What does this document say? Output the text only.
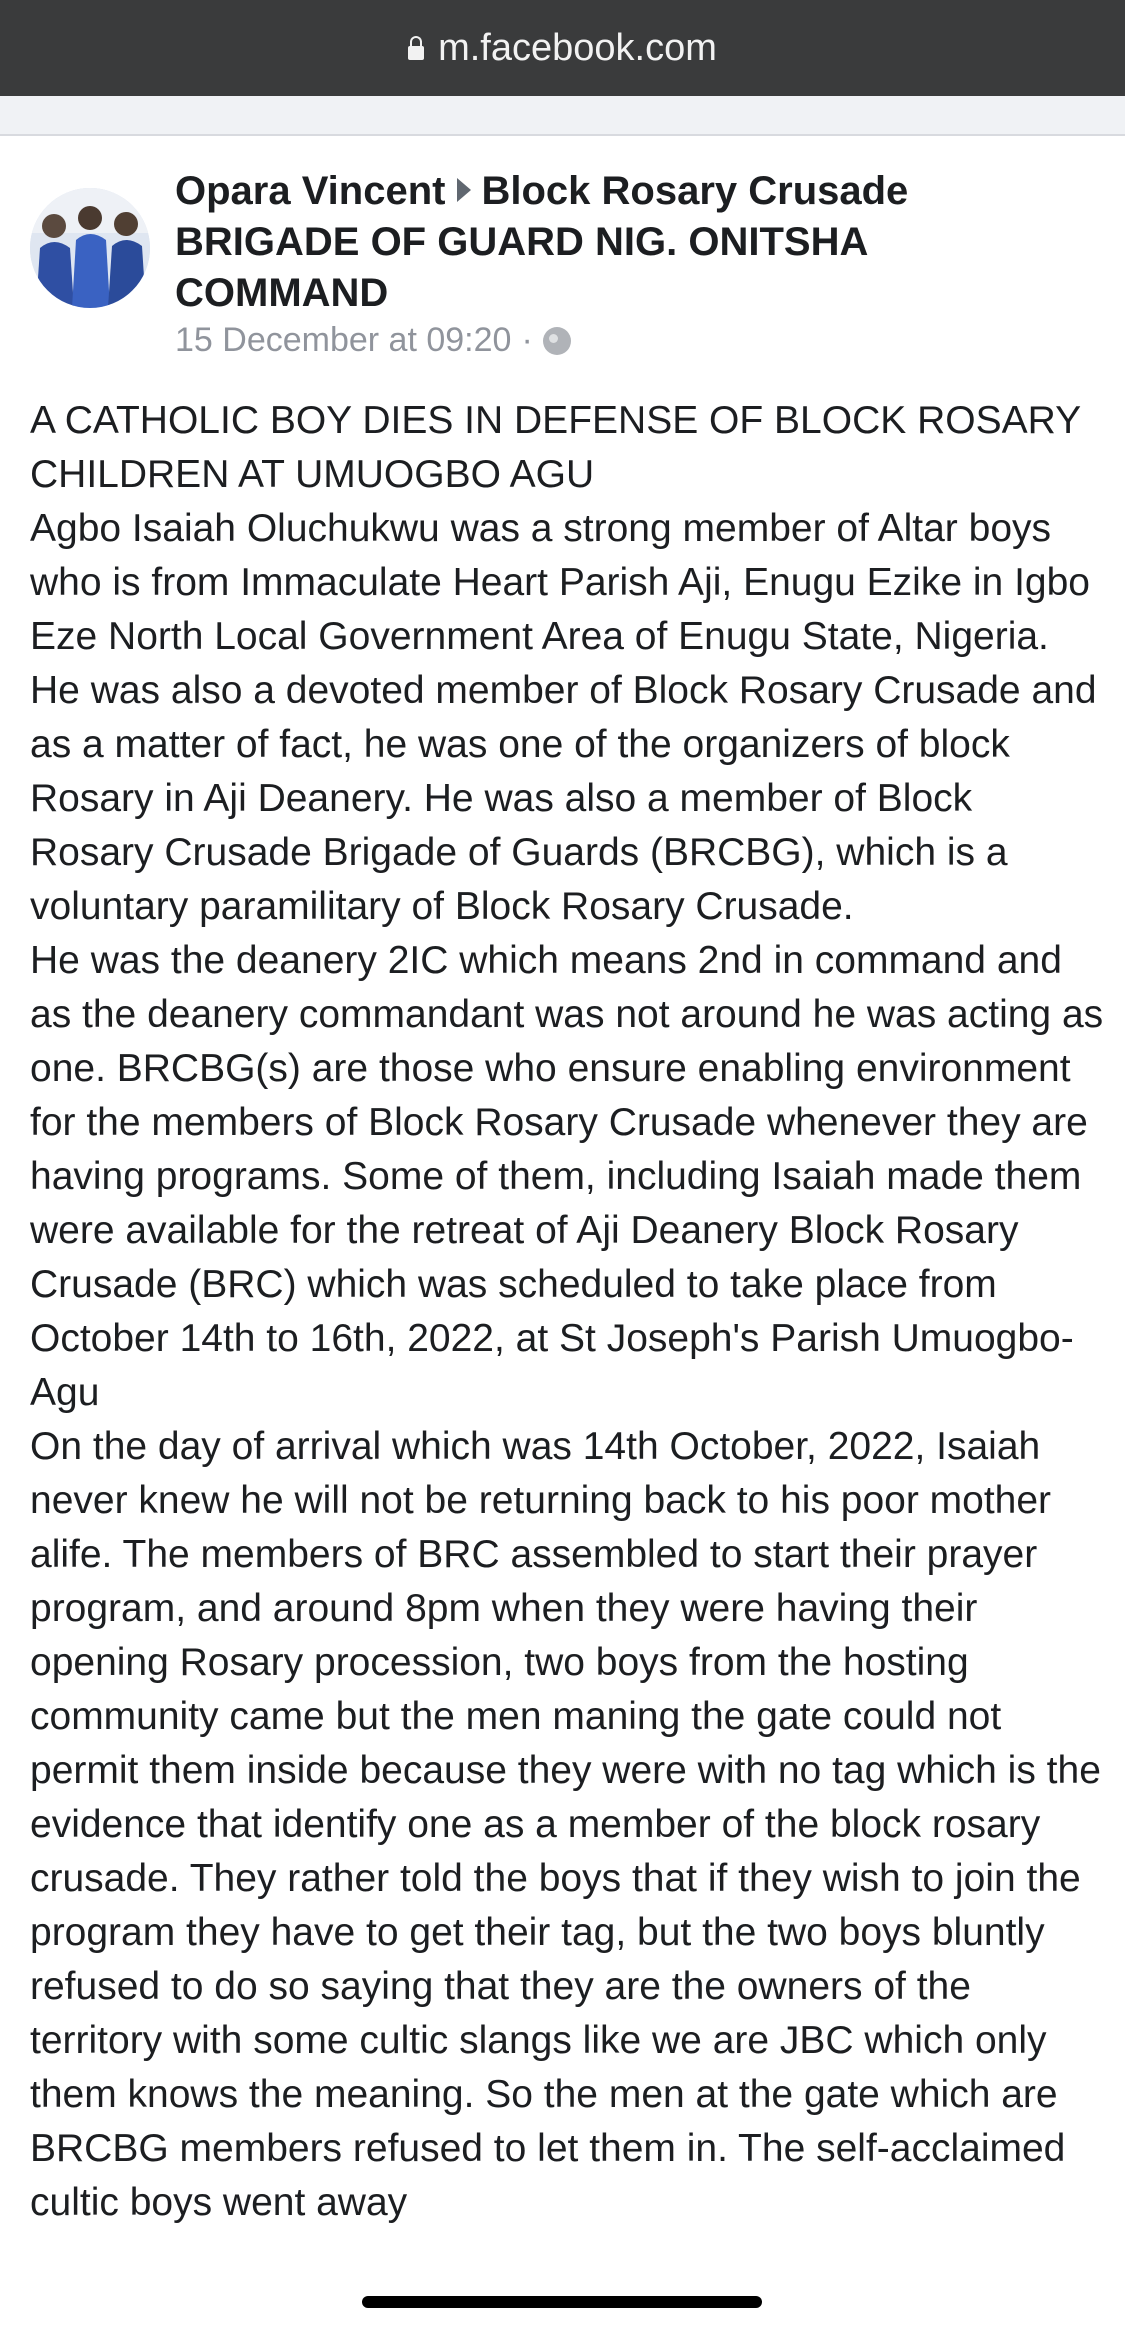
m.facebook.com
Opara Vincent Block Rosary Crusade BRIGADE OF GUARD NIG. ONITSHA COMMAND
15 December at 09:20 ·

A CATHOLIC BOY DIES IN DEFENSE OF BLOCK ROSARY CHILDREN AT UMUOGBO AGU

Agbo Isaiah Oluchukwu was a strong member of Altar boys who is from Immaculate Heart Parish Aji, Enugu Ezike in Igbo Eze North Local Government Area of Enugu State, Nigeria. He was also a devoted member of Block Rosary Crusade and as a matter of fact, he was one of the organizers of block Rosary in Aji Deanery. He was also a member of Block Rosary Crusade Brigade of Guards (BRCBG), which is a voluntary paramilitary of Block Rosary Crusade.

He was the deanery 2IC which means 2nd in command and as the deanery commandant was not around he was acting as one. BRCBG(s) are those who ensure enabling environment for the members of Block Rosary Crusade whenever they are having programs. Some of them, including Isaiah made them were available for the retreat of Aji Deanery Block Rosary Crusade (BRC) which was scheduled to take place from October 14th to 16th, 2022, at St Joseph's Parish Umuogbo-Agu

On the day of arrival which was 14th October, 2022, Isaiah never knew he will not be returning back to his poor mother alife. The members of BRC assembled to start their prayer program, and around 8pm when they were having their opening Rosary procession, two boys from the hosting community came but the men maning the gate could not permit them inside because they were with no tag which is the evidence that identify one as a member of the block rosary crusade. They rather told the boys that if they wish to join the program they have to get their tag, but the two boys bluntly refused to do so saying that they are the owners of the territory with some cultic slangs like we are JBC which only them knows the meaning. So the men at the gate which are BRCBG members refused to let them in. The self-acclaimed cultic boys went away
